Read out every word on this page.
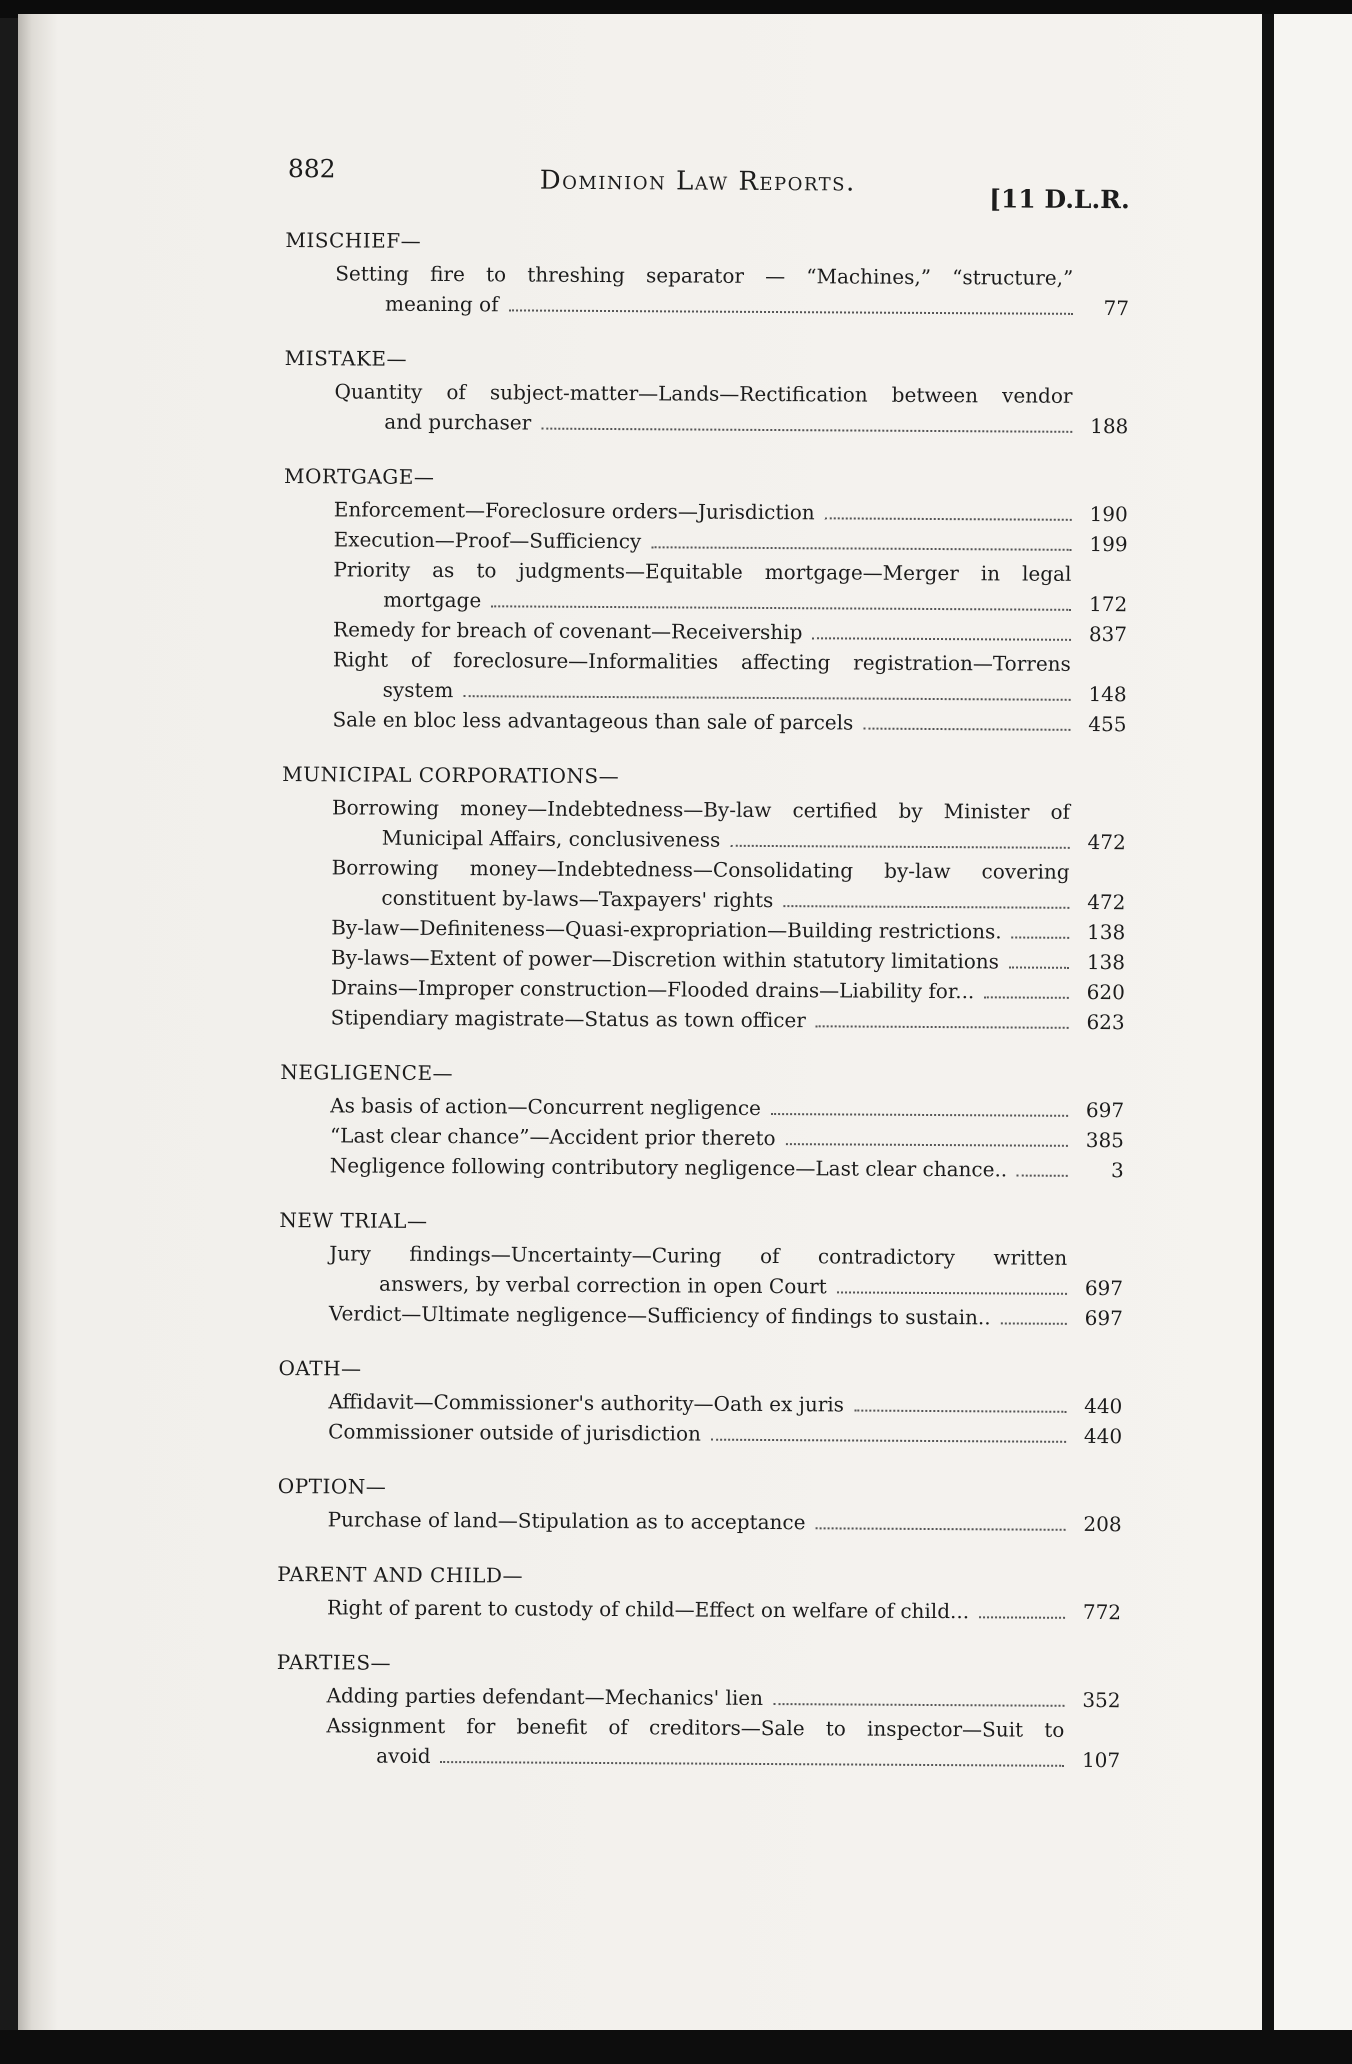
882	Dominion Law Reports.
[11 D.L.R.
MISCHIEF—
Setting fire to threshing separator — “Machines,” “structure,”
meaning of	77
MISTAKE—
Quantity of subject-matter—Lands—Rectification between vendor
and purchaser	188
MORTGAGE—
Enforcement—Foreclosure orders—Jurisdiction	190
Execution—Proof—Sufficiency	199
Priority as to judgments—Equitable mortgage—Merger in legal
mortgage	172
Remedy for breach of covenant—Receivership	837
Right of foreclosure—Informalities affecting registration—Torrens
system	148
Sale en bloc less advantageous than sale of parcels	455
MUNICIPAL CORPORATIONS—
Borrowing money—Indebtedness—By-law certified by Minister of
Municipal Affairs, conclusiveness	472
Borrowing money—Indebtedness—Consolidating by-law covering
constituent by-laws—Taxpayers' rights	472
By-law—Definiteness—Quasi-expropriation—Building restrictions.	138
By-laws—Extent of power—Discretion within statutory limitations	138
Drains—Improper construction—Flooded drains—Liability for...	620
Stipendiary magistrate—Status as town officer	623
NEGLIGENCE—
As basis of action—Concurrent negligence	697
“Last clear chance”—Accident prior thereto	385
Negligence following contributory negligence—Last clear chance..	3
NEW TRIAL—
Jury findings—Uncertainty—Curing of contradictory written
answers, by verbal correction in open Court	697
Verdict—Ultimate negligence—Sufficiency of findings to sustain..	697
OATH—
Affidavit—Commissioner's authority—Oath ex juris	440
Commissioner outside of jurisdiction	440
OPTION—
Purchase of land—Stipulation as to acceptance	208
PARENT AND CHILD—
Right of parent to custody of child—Effect on welfare of child...	772
PARTIES—
Adding parties defendant—Mechanics' lien	352
Assignment for benefit of creditors—Sale to inspector—Suit to
avoid	107
